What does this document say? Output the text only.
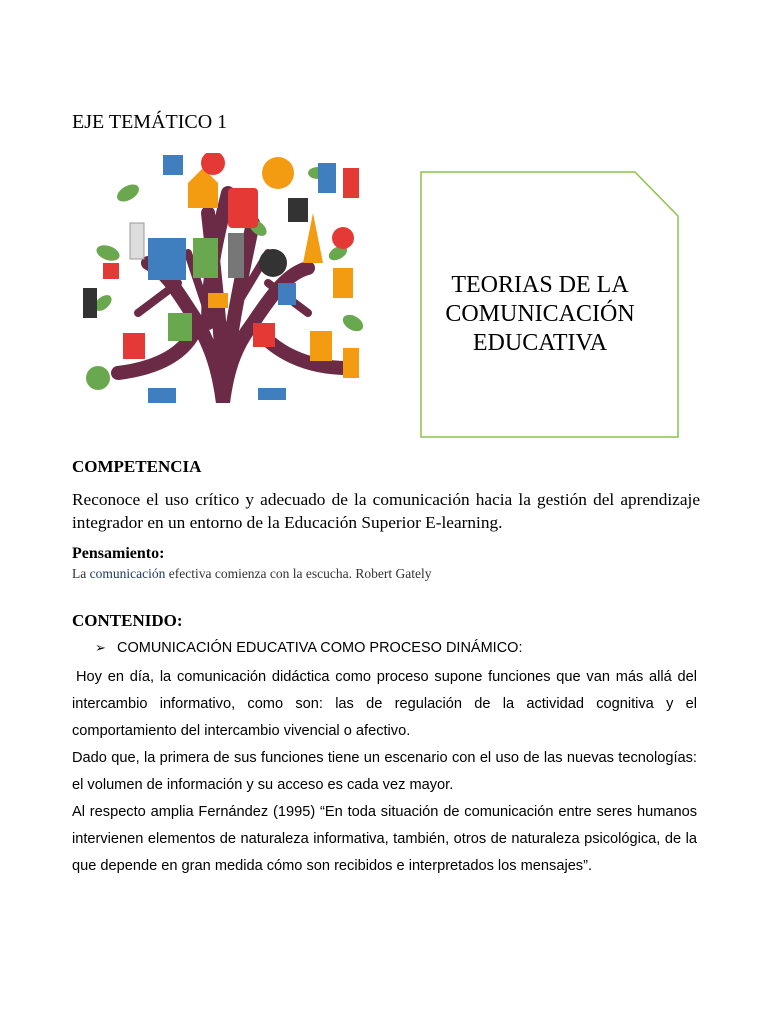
EJE TEMÁTICO 1
TEORIAS DE LA
COMUNICACIÓN
EDUCATIVA
COMPETENCIA
Reconoce el uso crítico y adecuado de la comunicación hacia la gestión del aprendizaje integrador en un entorno de la Educación Superior E-learning.
Pensamiento:
La comunicación efectiva comienza con la escucha. Robert Gately
CONTENIDO:
➢ COMUNICACIÓN EDUCATIVA COMO PROCESO DINÁMICO:
Hoy en día, la comunicación didáctica como proceso supone funciones que van más allá del intercambio informativo, como son: las de regulación de la actividad cognitiva y el comportamiento del intercambio vivencial o afectivo.
Dado que, la primera de sus funciones tiene un escenario con el uso de las nuevas tecnologías: el volumen de información y su acceso es cada vez mayor.
Al respecto amplia Fernández (1995) “En toda situación de comunicación entre seres humanos intervienen elementos de naturaleza informativa, también, otros de naturaleza psicológica, de la que depende en gran medida cómo son recibidos e interpretados los mensajes”.
